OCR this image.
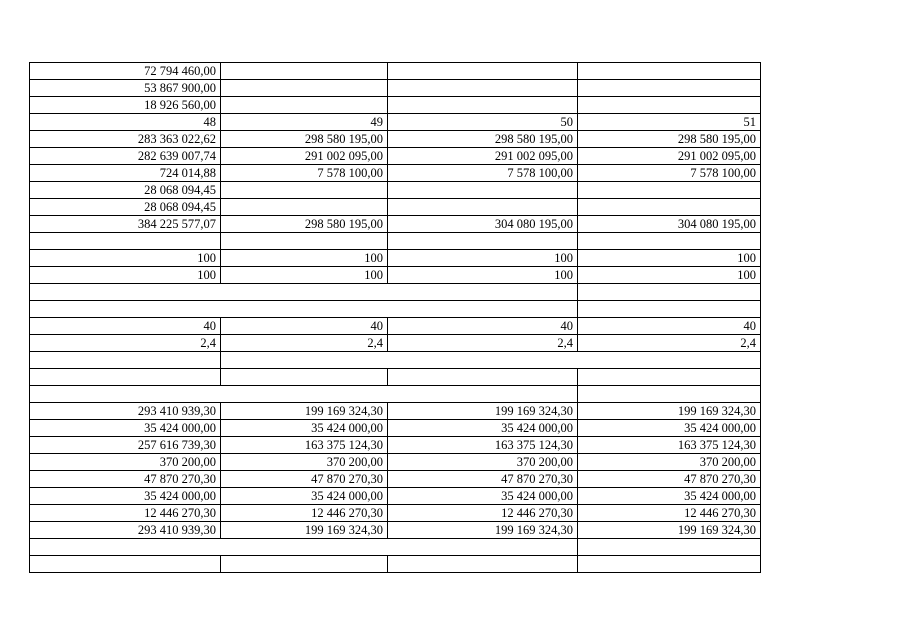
72 794 460,00			
53 867 900,00			
18 926 560,00			
48	49	50	51
283 363 022,62	298 580 195,00	298 580 195,00	298 580 195,00
282 639 007,74	291 002 095,00	291 002 095,00	291 002 095,00
724 014,88	7 578 100,00	7 578 100,00	7 578 100,00
28 068 094,45			
28 068 094,45			
384 225 577,07	298 580 195,00	304 080 195,00	304 080 195,00

100	100	100	100
100	100	100	100

40	40	40	40
2,4	2,4	2,4	2,4

293 410 939,30	199 169 324,30	199 169 324,30	199 169 324,30
35 424 000,00	35 424 000,00	35 424 000,00	35 424 000,00
257 616 739,30	163 375 124,30	163 375 124,30	163 375 124,30
370 200,00	370 200,00	370 200,00	370 200,00
47 870 270,30	47 870 270,30	47 870 270,30	47 870 270,30
35 424 000,00	35 424 000,00	35 424 000,00	35 424 000,00
12 446 270,30	12 446 270,30	12 446 270,30	12 446 270,30
293 410 939,30	199 169 324,30	199 169 324,30	199 169 324,30
